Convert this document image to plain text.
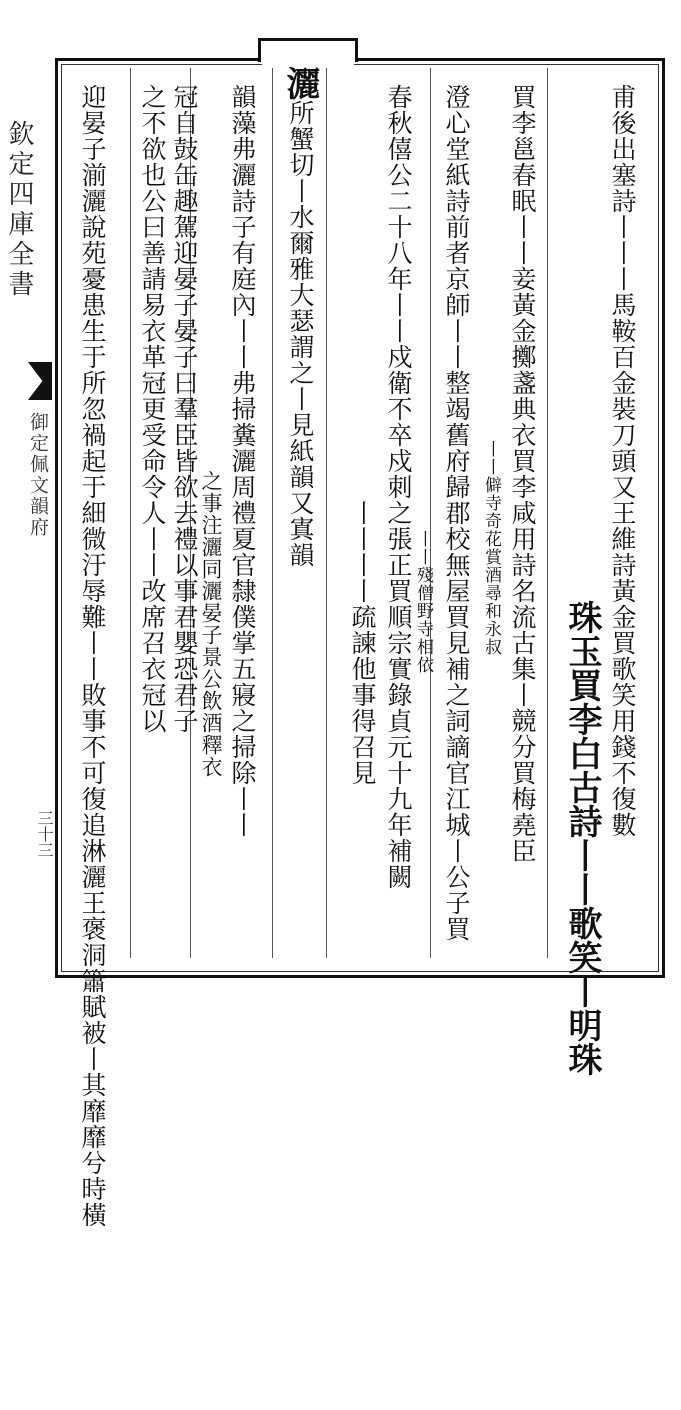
欽定四庫全書
御定佩文韻府
三十三
灑所蟹切丨水爾雅大瑟謂之丨見紙韻又寘韻	甫後出塞詩丨丨丨馬鞍百金裝刀頭又王維詩黃金買歌笑用錢不復數
珠玉買李白古詩丨丨歌笑丨明珠
買李邕春眠丨丨妾黃金擲盞典衣買李咸用詩名流古集丨競分買梅堯臣
丨丨僻寺奇花賞酒尋和永叔
澄心堂紙詩前者京師丨丨整竭舊府歸郡校無屋買見補之詞謫官江城丨公子買
丨丨殘僧野寺相依
春秋僖公二十八年丨丨戍衛不卒戍刺之張正買順宗實錄貞元十九年補闕
丨丨丨丨疏諫他事得召見
韻藻弗灑詩子有庭內丨丨弗掃糞灑周禮夏官隸僕掌五寢之掃除丨丨
之事注灑同灑晏子景公飲酒釋衣
冠自鼓缶趣駕迎晏子晏子曰羣臣皆欲去禮以事君嬰恐君子
之不欲也公曰善請易衣革冠更受命令人丨丨改席召衣冠以
迎晏子湔灑說苑憂患生于所忽禍起于細微汙辱難丨丨敗事不可復追淋灑王褒洞簫賦被丨其靡靡兮時橫
